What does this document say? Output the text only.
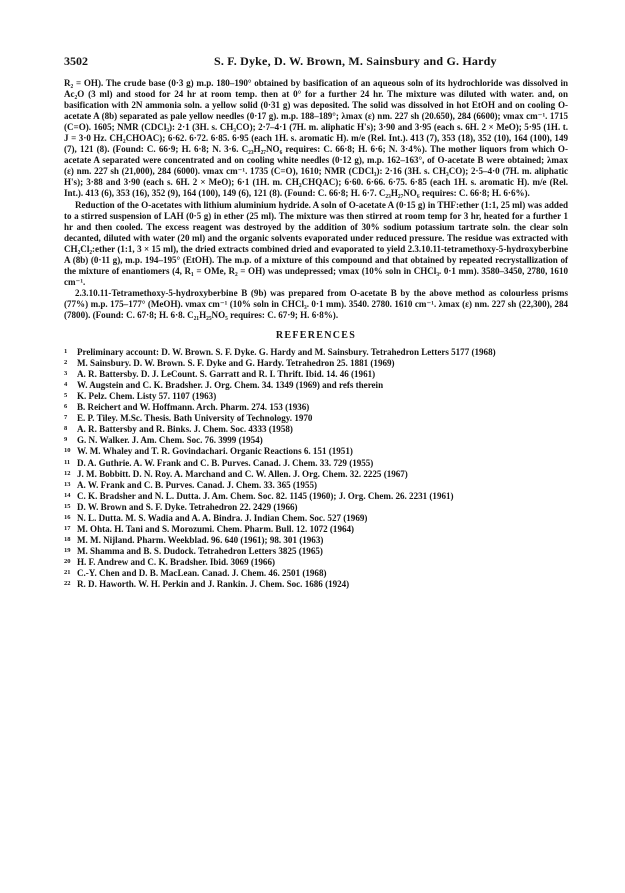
3502	S. F. Dyke, D. W. Brown, M. Sainsbury and G. Hardy

R₂ = OH). The crude base (0·3 g) m.p. 180–190° obtained by basification of an aqueous soln of its hydrochloride was dissolved in Ac₂O (3 ml) and stood for 24 hr at room temp. then at 0° for a further 24 hr. The mixture was diluted with water. and, on basification with 2N ammonia soln. a yellow solid (0·31 g) was deposited. The solid was dissolved in hot EtOH and on cooling O-acetate A (8b) separated as pale yellow needles (0·17 g). m.p. 188–189°; λmax (ε) nm. 227 sh (20.650), 284 (6600); νmax cm⁻¹. 1715 (C=O). 1605; NMR (CDCl₃): 2·1 (3H. s. CH₃CO); 2·7–4·1 (7H. m. aliphatic H's); 3·90 and 3·95 (each s. 6H. 2 × MeO); 5·95 (1H. t. J = 3·0 Hz. CH₂CHOAC); 6·62. 6·72. 6·85. 6·95 (each 1H. s. aromatic H). m/e (Rel. Int.). 413 (7), 353 (18), 352 (10), 164 (100), 149 (7), 121 (8). (Found: C. 66·9; H. 6·8; N. 3·6. C₂₃H₂₇NO₆ requires: C. 66·8; H. 6·6; N. 3·4%). The mother liquors from which O-acetate A separated were concentrated and on cooling white needles (0·12 g), m.p. 162–163°, of O-acetate B were obtained; λmax (ε) nm. 227 sh (21,000), 284 (6000). νmax cm⁻¹. 1735 (C=O), 1610; NMR (CDCl₃): 2·16 (3H. s. CH₃CO); 2·5–4·0 (7H. m. aliphatic H's); 3·88 and 3·90 (each s. 6H. 2 × MeO); 6·1 (1H. m. CH₂CHQAC); 6·60. 6·66. 6·75. 6·85 (each 1H. s. aromatic H). m/e (Rel. Int.). 413 (6), 353 (16), 352 (9), 164 (100), 149 (6), 121 (8). (Found: C. 66·8; H. 6·7. C₂₃H₂₇NO₆ requires: C. 66·8; H. 6·6%).

Reduction of the O-acetates with lithium aluminium hydride. A soln of O-acetate A (0·15 g) in THF:ether (1:1, 25 ml) was added to a stirred suspension of LAH (0·5 g) in ether (25 ml). The mixture was then stirred at room temp for 3 hr, heated for a further 1 hr and then cooled. The excess reagent was destroyed by the addition of 30% sodium potassium tartrate soln. the clear soln decanted, diluted with water (20 ml) and the organic solvents evaporated under reduced pressure. The residue was extracted with CH₂Cl₂:ether (1:1, 3 × 15 ml), the dried extracts combined dried and evaporated to yield 2.3.10.11-tetramethoxy-5-hydroxyberbine A (8b) (0·11 g), m.p. 194–195° (EtOH). The m.p. of a mixture of this compound and that obtained by repeated recrystallization of the mixture of enantiomers (4, R₁ = OMe, R₂ = OH) was undepressed; νmax (10% soln in CHCl₃. 0·1 mm). 3580–3450, 2780, 1610 cm⁻¹.

2.3.10.11-Tetramethoxy-5-hydroxyberbine B (9b) was prepared from O-acetate B by the above method as colourless prisms (77%) m.p. 175–177° (MeOH). νmax cm⁻¹ (10% soln in CHCl₃. 0·1 mm). 3540. 2780. 1610 cm⁻¹. λmax (ε) nm. 227 sh (22,300), 284 (7800). (Found: C. 67·8; H. 6·8. C₂₁H₂₅NO₅ requires: C. 67·9; H. 6·8%).

REFERENCES
1	Preliminary account: D. W. Brown. S. F. Dyke. G. Hardy and M. Sainsbury. Tetrahedron Letters 5177 (1968)
2	M. Sainsbury. D. W. Brown. S. F. Dyke and G. Hardy. Tetrahedron 25. 1881 (1969)
3	A. R. Battersby. D. J. LeCount. S. Garratt and R. I. Thrift. Ibid. 14. 46 (1961)
4	W. Augstein and C. K. Bradsher. J. Org. Chem. 34. 1349 (1969) and refs therein
5	K. Pelz. Chem. Listy 57. 1107 (1963)
6	B. Reichert and W. Hoffmann. Arch. Pharm. 274. 153 (1936)
7	E. P. Tiley. M.Sc. Thesis. Bath University of Technology. 1970
8	A. R. Battersby and R. Binks. J. Chem. Soc. 4333 (1958)
9	G. N. Walker. J. Am. Chem. Soc. 76. 3999 (1954)
10 W. M. Whaley and T. R. Govindachari. Organic Reactions 6. 151 (1951)
11 D. A. Guthrie. A. W. Frank and C. B. Purves. Canad. J. Chem. 33. 729 (1955)
12 J. M. Bobbitt. D. N. Roy. A. Marchand and C. W. Allen. J. Org. Chem. 32. 2225 (1967)
13 A. W. Frank and C. B. Purves. Canad. J. Chem. 33. 365 (1955)
14 C. K. Bradsher and N. L. Dutta. J. Am. Chem. Soc. 82. 1145 (1960); J. Org. Chem. 26. 2231 (1961)
15 D. W. Brown and S. F. Dyke. Tetrahedron 22. 2429 (1966)
16 N. L. Dutta. M. S. Wadia and A. A. Bindra. J. Indian Chem. Soc. 527 (1969)
17 M. Ohta. H. Tani and S. Morozumi. Chem. Pharm. Bull. 12. 1072 (1964)
18 M. M. Nijland. Pharm. Weekblad. 96. 640 (1961); 98. 301 (1963)
19 M. Shamma and B. S. Dudock. Tetrahedron Letters 3825 (1965)
20 H. F. Andrew and C. K. Bradsher. Ibid. 3069 (1966)
21 C.-Y. Chen and D. B. MacLean. Canad. J. Chem. 46. 2501 (1968)
22 R. D. Haworth. W. H. Perkin and J. Rankin. J. Chem. Soc. 1686 (1924)
